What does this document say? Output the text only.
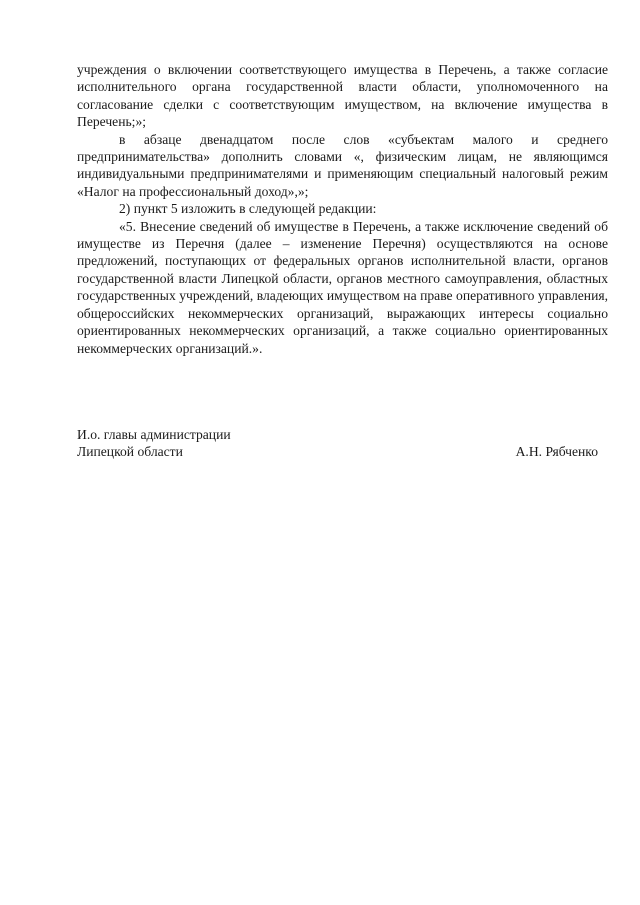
учреждения о включении соответствующего имущества в Перечень, а также согласие исполнительного органа государственной власти области, уполномоченного на согласование сделки с соответствующим имуществом, на включение имущества в Перечень;»;

в абзаце двенадцатом после слов «субъектам малого и среднего предпринимательства» дополнить словами «, физическим лицам, не являющимся индивидуальными предпринимателями и применяющим специальный налоговый режим «Налог на профессиональный доход»,»;

2) пункт 5 изложить в следующей редакции:

«5. Внесение сведений об имуществе в Перечень, а также исключение сведений об имуществе из Перечня (далее – изменение Перечня) осуществляются на основе предложений, поступающих от федеральных органов исполнительной власти, органов государственной власти Липецкой области, органов местного самоуправления, областных государственных учреждений, владеющих имуществом на праве оперативного управления, общероссийских некоммерческих организаций, выражающих интересы социально ориентированных некоммерческих организаций, а также социально ориентированных некоммерческих организаций.».

И.о. главы администрации
Липецкой области	А.Н. Рябченко
